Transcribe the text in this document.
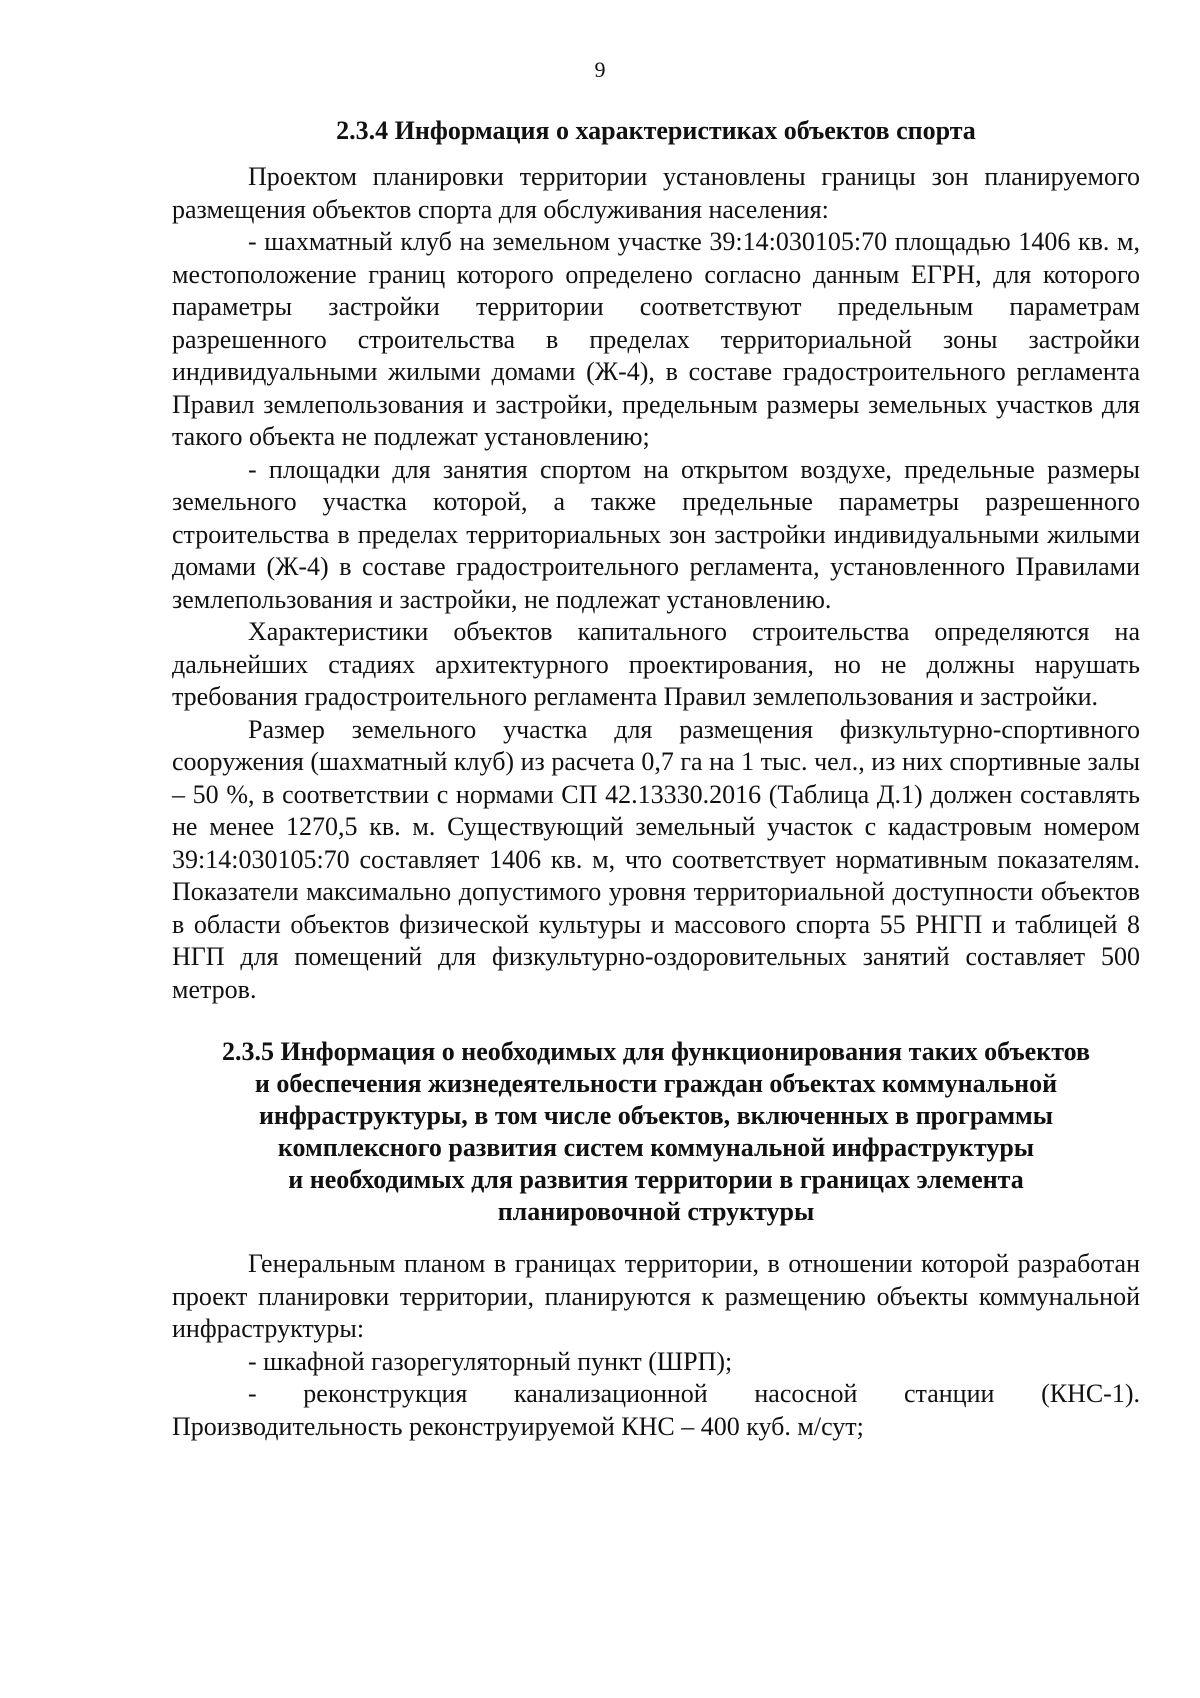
9
2.3.4 Информация о характеристиках объектов спорта

Проектом планировки территории установлены границы зон планируемого размещения объектов спорта для обслуживания населения:

- шахматный клуб на земельном участке 39:14:030105:70 площадью 1406 кв. м, местоположение границ которого определено согласно данным ЕГРН, для которого параметры застройки территории соответствуют предельным параметрам разрешенного строительства в пределах территориальной зоны застройки индивидуальными жилыми домами (Ж-4), в составе градостроительного регламента Правил землепользования и застройки, предельным размеры земельных участков для такого объекта не подлежат установлению;

- площадки для занятия спортом на открытом воздухе, предельные размеры земельного участка которой, а также предельные параметры разрешенного строительства в пределах территориальных зон застройки индивидуальными жилыми домами (Ж-4) в составе градостроительного регламента, установленного Правилами землепользования и застройки, не подлежат установлению.

Характеристики объектов капитального строительства определяются на дальнейших стадиях архитектурного проектирования, но не должны нарушать требования градостроительного регламента Правил землепользования и застройки.

Размер земельного участка для размещения физкультурно-спортивного сооружения (шахматный клуб) из расчета 0,7 га на 1 тыс. чел., из них спортивные залы – 50 %, в соответствии с нормами СП 42.13330.2016 (Таблица Д.1) должен составлять не менее 1270,5 кв. м. Существующий земельный участок с кадастровым номером 39:14:030105:70 составляет 1406 кв. м, что соответствует нормативным показателям. Показатели максимально допустимого уровня территориальной доступности объектов в области объектов физической культуры и массового спорта 55 РНГП и таблицей 8 НГП для помещений для физкультурно-оздоровительных занятий составляет 500 метров.

2.3.5 Информация о необходимых для функционирования таких объектов
и обеспечения жизнедеятельности граждан объектах коммунальной
инфраструктуры, в том числе объектов, включенных в программы
комплексного развития систем коммунальной инфраструктуры
и необходимых для развития территории в границах элемента
планировочной структуры

Генеральным планом в границах территории, в отношении которой разработан проект планировки территории, планируются к размещению объекты коммунальной инфраструктуры:

- шкафной газорегуляторный пункт (ШРП);

- реконструкция канализационной насосной станции (КНС-1). Производительность реконструируемой КНС – 400 куб. м/сут;
